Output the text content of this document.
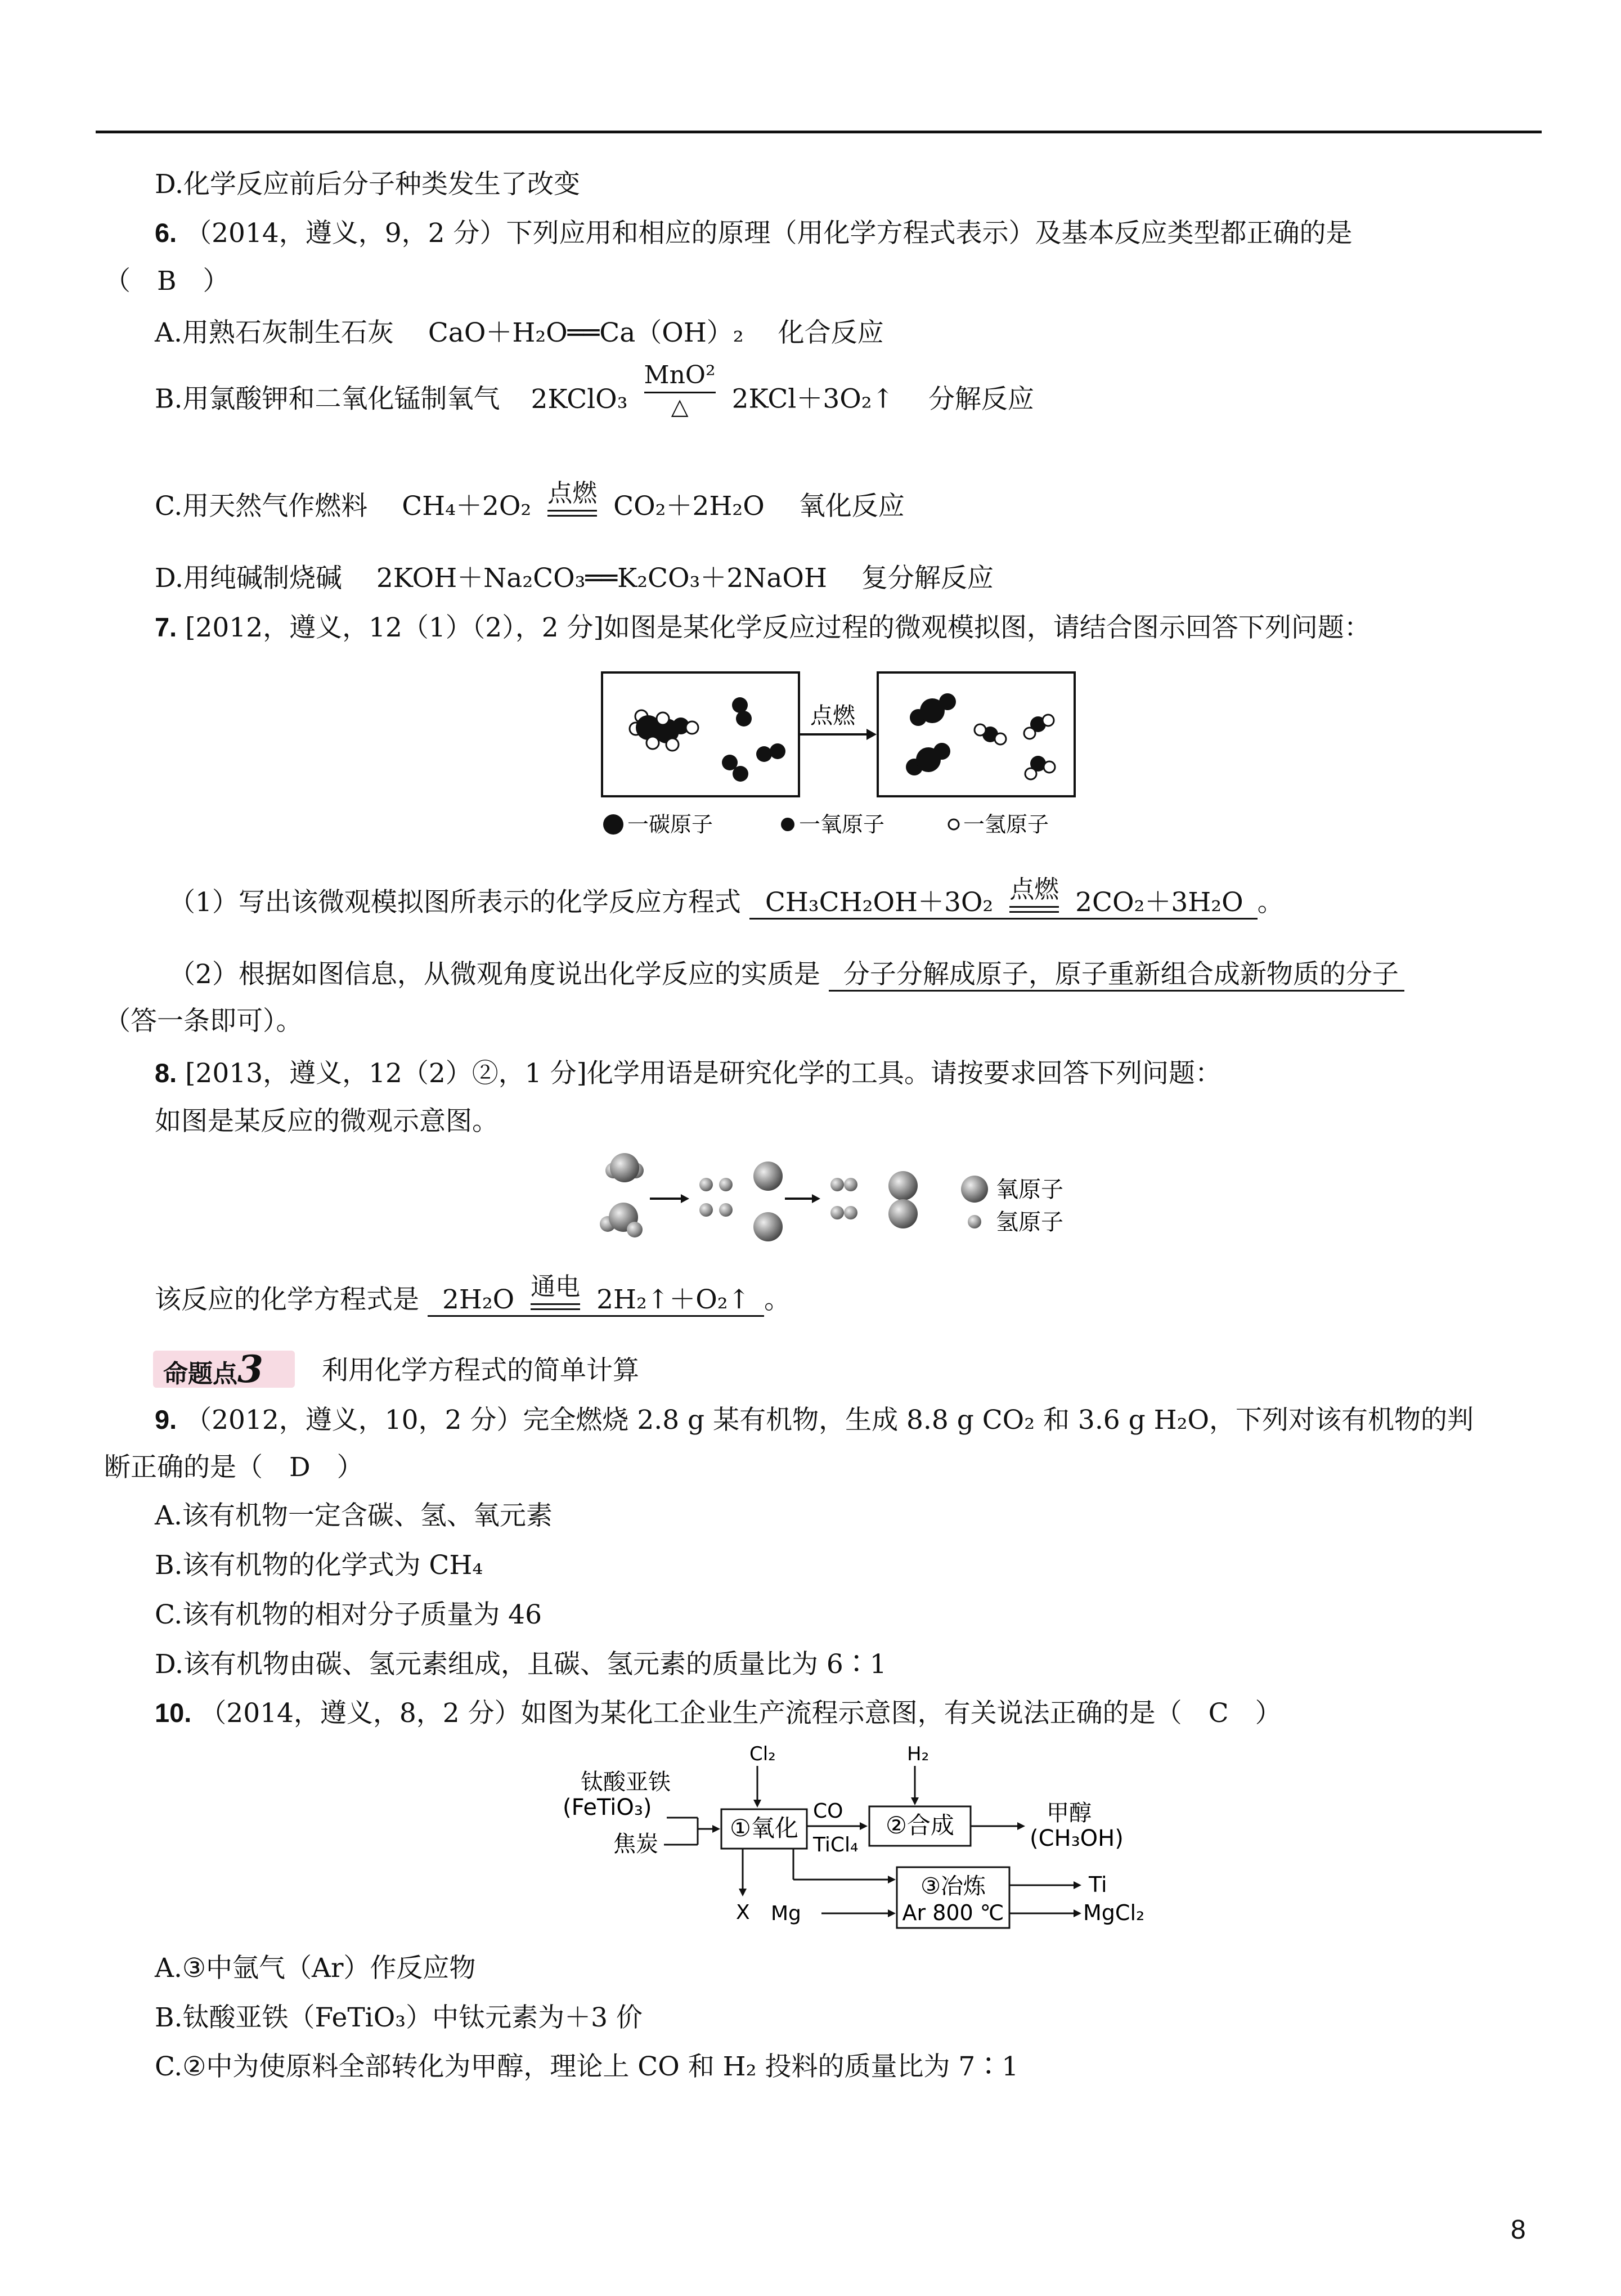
D.化学反应前后分子种类发生了改变
6. （2014，遵义，9，2 分）下列应用和相应的原理（用化学方程式表示）及基本反应类型都正确的是
（　B　）
A.用熟石灰制生石灰 CaO＋H₂O══Ca（OH）₂ 化合反应
B.用氯酸钾和二氧化锰制氧气 2KClO₃
MnO²
△	2KCl＋3O₂↑ 分解反应
C.用天然气作燃料 CH₄＋2O₂ 点燃 CO₂＋2H₂O 氧化反应
D.用纯碱制烧碱 2KOH＋Na₂CO₃══K₂CO₃＋2NaOH 复分解反应
7. [2012，遵义，12（1）（2），2 分]如图是某化学反应过程的微观模拟图，请结合图示回答下列问题：
点燃
一碳原子	一氧原子	一氢原子
（1）写出该微观模拟图所表示的化学反应方程式 CH₃CH₂OH＋3O₂ 点燃 2CO₂＋3H₂O 。
（2）根据如图信息，从微观角度说出化学反应的实质是 分子分解成原子，原子重新组合成新物质的分子
（答一条即可）。
8. [2013，遵义，12（2）②，1 分]化学用语是研究化学的工具。请按要求回答下列问题：
如图是某反应的微观示意图。
氧原子
氢原子
该反应的化学方程式是 2H₂O 通电 2H₂↑＋O₂↑ 。
命题点3	利用化学方程式的简单计算
9. （2012，遵义，10，2 分）完全燃烧 2.8 g 某有机物，生成 8.8 g CO₂ 和 3.6 g H₂O，下列对该有机物的判
断正确的是（　D　）
A.该有机物一定含碳、氢、氧元素
B.该有机物的化学式为 CH₄
C.该有机物的相对分子质量为 46
D.该有机物由碳、氢元素组成，且碳、氢元素的质量比为 6∶1
10. （2014，遵义，8，2 分）如图为某化工企业生产流程示意图，有关说法正确的是（　C　）
钛酸亚铁
(FeTiO₃)
焦炭
①氧化
Cl₂
CO
TiCl₄
②合成
H₂
甲醇
(CH₃OH)
X Mg
③冶炼
Ar 800 ℃
Ti
MgCl₂
A.③中氩气（Ar）作反应物
B.钛酸亚铁（FeTiO₃）中钛元素为＋3 价
C.②中为使原料全部转化为甲醇，理论上 CO 和 H₂ 投料的质量比为 7∶1
8
